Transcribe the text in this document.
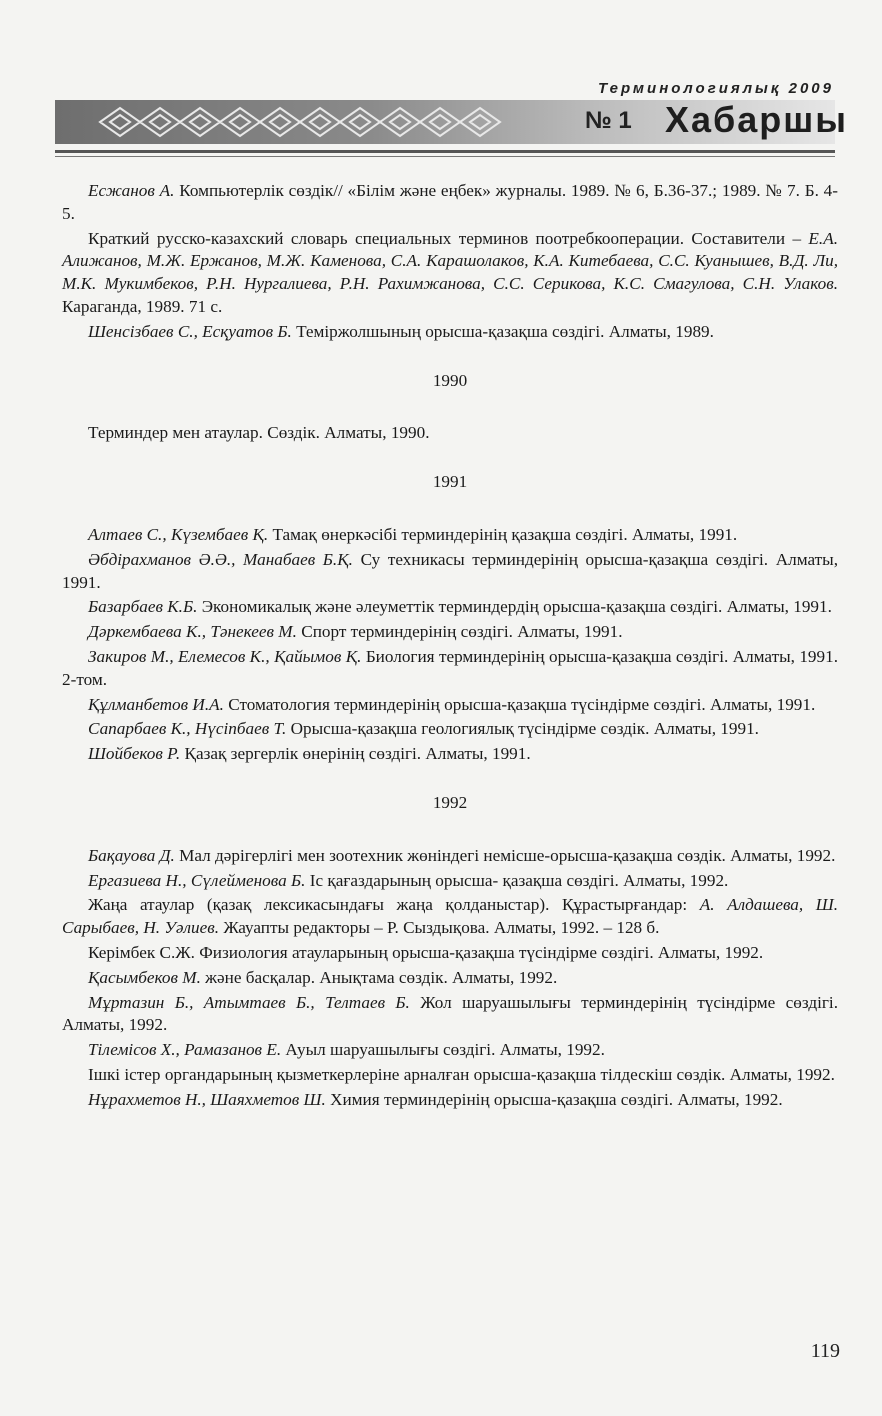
Терминологиялық 2009
№ 1 Хабаршы

Есжанов А. Компьютерлік сөздік// «Білім және еңбек» журналы. 1989. № 6, Б.36-37.; 1989. № 7. Б. 4-5.

Краткий русско-казахский словарь специальных терминов поотребкооперации. Составители – Е.А. Алижанов, М.Ж. Ержанов, М.Ж. Каменова, С.А. Карашолаков, К.А. Китебаева, С.С. Куанышев, В.Д. Ли, М.К. Мукимбеков, Р.Н. Нургалиева, Р.Н. Рахимжанова, С.С. Серикова, К.С. Смагулова, С.Н. Улаков. Караганда, 1989. 71 с.

Шенсізбаев С., Есқуатов Б. Теміржолшының орысша-қазақша сөздігі. Алматы, 1989.

1990

Терминдер мен атаулар. Сөздік. Алматы, 1990.

1991

Алтаев С., Күзембаев Қ. Тамақ өнеркәсібі терминдерінің қазақша сөздігі. Алматы, 1991.

Әбдірахманов Ә.Ә., Манабаев Б.Қ. Су техникасы терминдерінің орысша-қазақша сөздігі. Алматы, 1991.

Базарбаев К.Б. Экономикалық және әлеуметтік терминдердің орысша-қазақша сөздігі. Алматы, 1991.

Дәркембаева К., Тәнекеев М. Спорт терминдерінің сөздігі. Алматы, 1991.

Закиров М., Елемесов К., Қайымов Қ. Биология терминдерінің орысша-қазақша сөздігі. Алматы, 1991. 2-том.

Құлманбетов И.А. Стоматология терминдерінің орысша-қазақша түсіндірме сөздігі. Алматы, 1991.

Сапарбаев К., Нүсіпбаев Т. Орысша-қазақша геологиялық түсіндірме сөздік. Алматы, 1991.

Шойбеков Р. Қазақ зергерлік өнерінің сөздігі. Алматы, 1991.

1992

Бақауова Д. Мал дәрігерлігі мен зоотехник жөніндегі немісше-орысша-қазақша сөздік. Алматы, 1992.

Ергазиева Н., Сүлейменова Б. Іс қағаздарының орысша- қазақша сөздігі. Алматы, 1992.

Жаңа атаулар (қазақ лексикасындағы жаңа қолданыстар). Құрастырғандар: А. Алдашева, Ш. Сарыбаев, Н. Уәлиев. Жауапты редакторы – Р. Сыздықова. Алматы, 1992. – 128 б.

Керімбек С.Ж. Физиология атауларының орысша-қазақша түсіндірме сөздігі. Алматы, 1992.

Қасымбеков М. және басқалар. Анықтама сөздік. Алматы, 1992.

Мұртазин Б., Атымтаев Б., Телтаев Б. Жол шаруашылығы терминдерінің түсіндірме сөздігі. Алматы, 1992.

Тілемісов Х., Рамазанов Е. Ауыл шаруашылығы сөздігі. Алматы, 1992.

Ішкі істер органдарының қызметкерлеріне арналған орысша-қазақша тілдескіш сөздік. Алматы, 1992.

Нұрахметов Н., Шаяхметов Ш. Химия терминдерінің орысша-қазақша сөздігі. Алматы, 1992.

119
